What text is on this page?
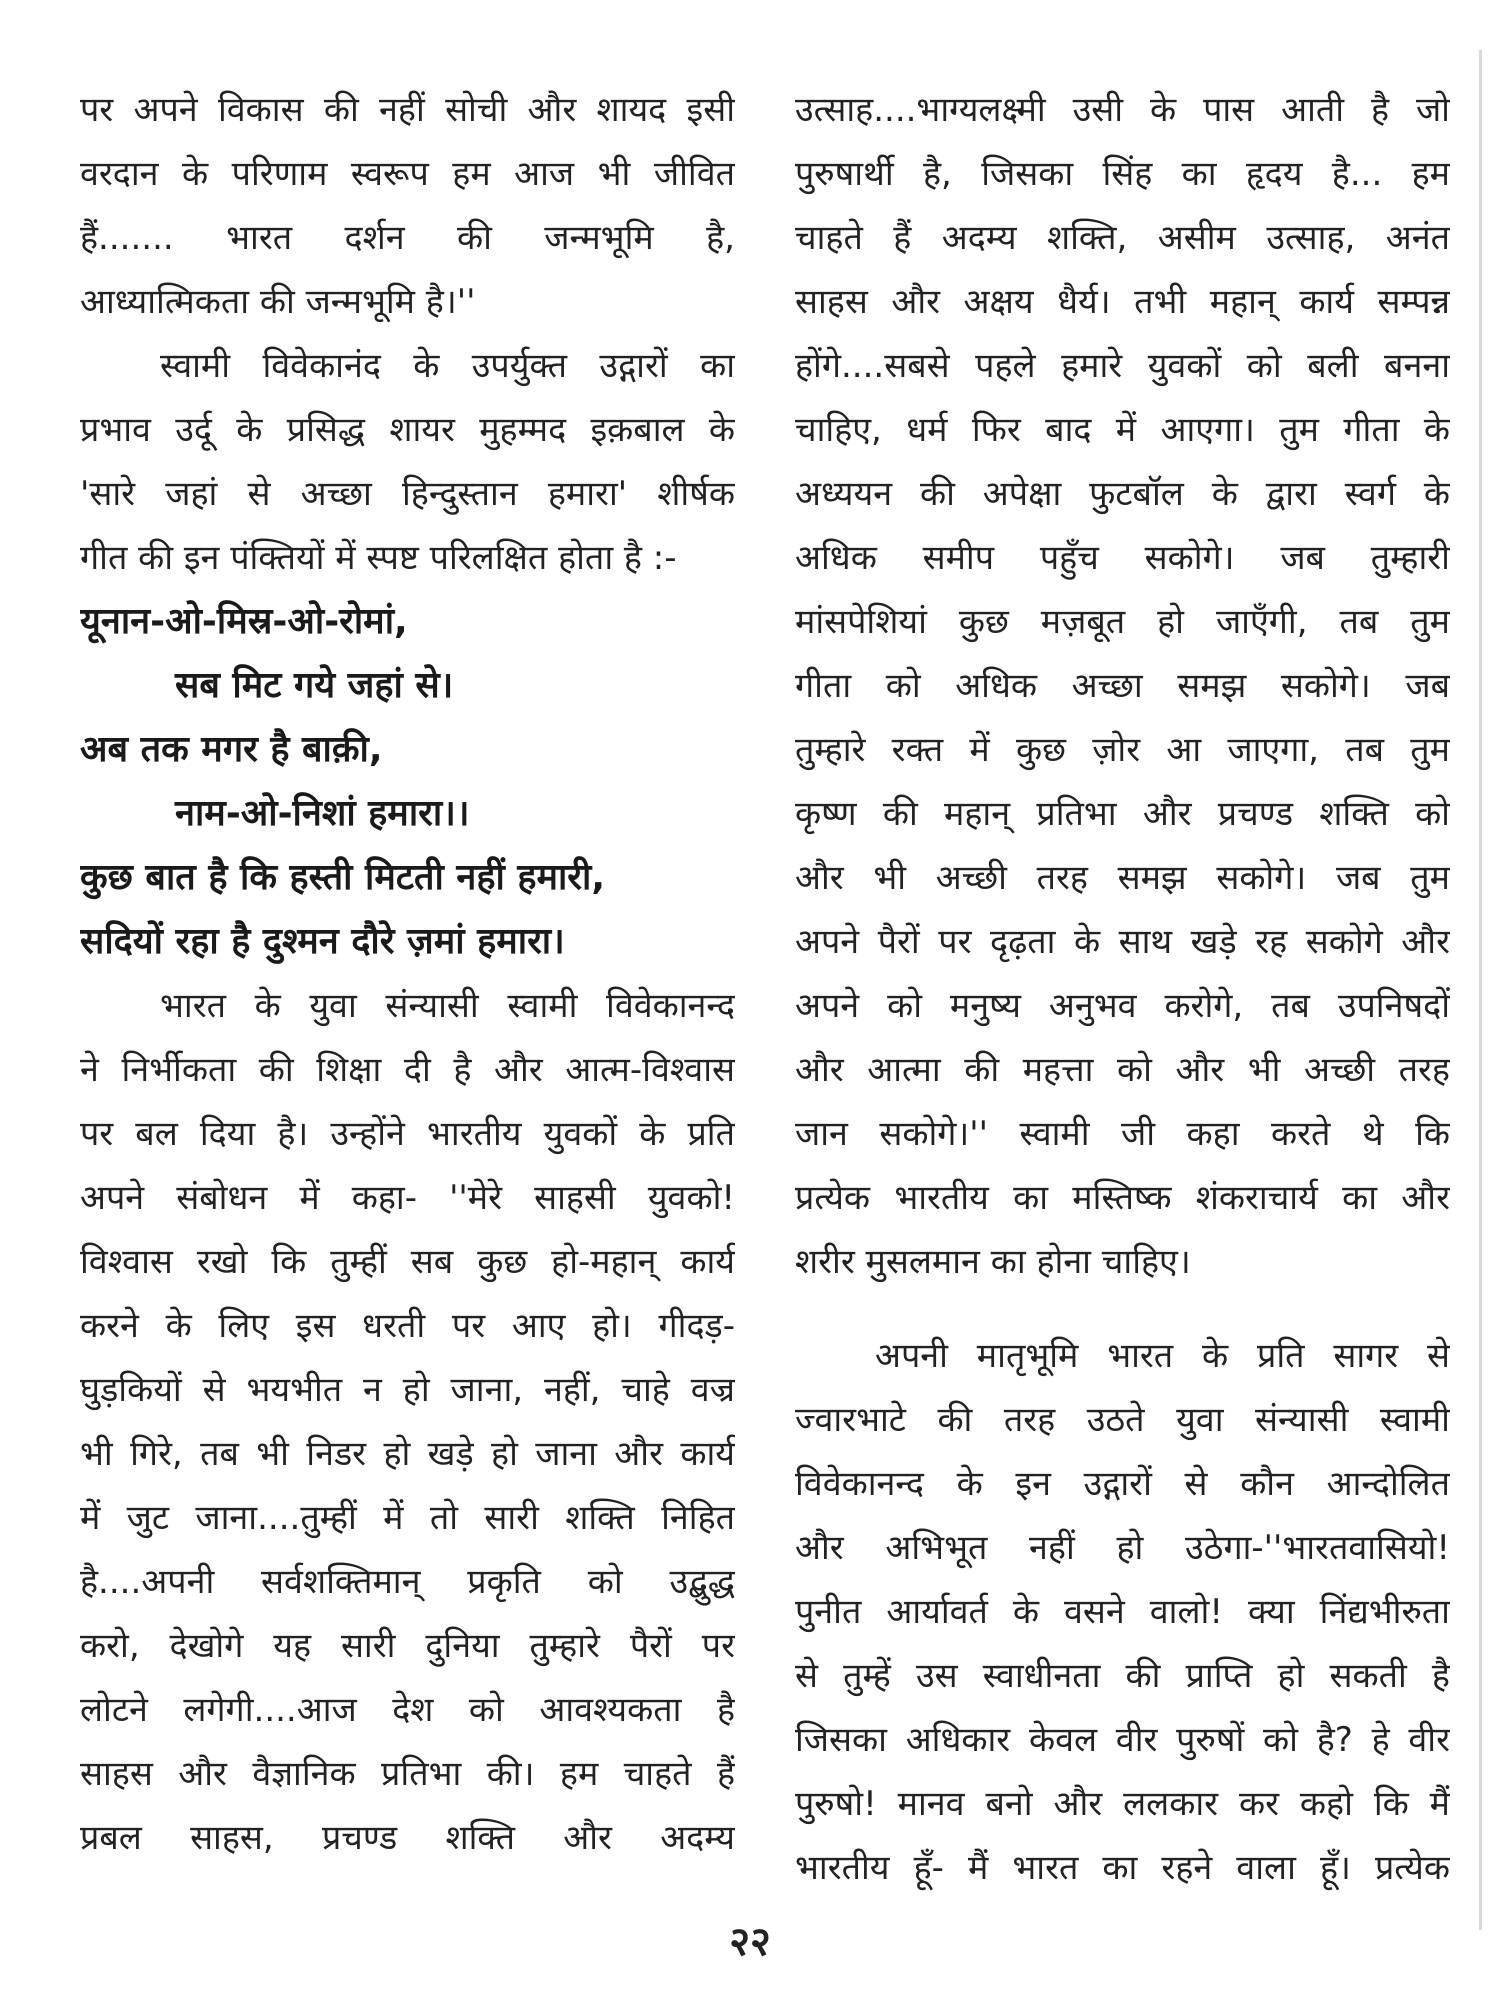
पर अपने विकास की नहीं सोची और शायद इसी
वरदान के परिणाम स्वरूप हम आज भी जीवित
हैं....... भारत दर्शन की जन्मभूमि है,
आध्यात्मिकता की जन्मभूमि है।''
स्वामी विवेकानंद के उपर्युक्त उद्गारों का
प्रभाव उर्दू के प्रसिद्ध शायर मुहम्मद इक़बाल के
'सारे जहां से अच्छा हिन्दुस्तान हमारा' शीर्षक
गीत की इन पंक्तियों में स्पष्ट परिलक्षित होता है :-
यूनान-ओ-मिस्र-ओ-रोमां,
सब मिट गये जहां से।
अब तक मगर है बाक़ी,
नाम-ओ-निशां हमारा।।
कुछ बात है कि हस्ती मिटती नहीं हमारी,
सदियों रहा है दुश्मन दौरे ज़मां हमारा।
भारत के युवा संन्यासी स्वामी विवेकानन्द
ने निर्भीकता की शिक्षा दी है और आत्म-विश्वास
पर बल दिया है। उन्होंने भारतीय युवकों के प्रति
अपने संबोधन में कहा- ''मेरे साहसी युवको!
विश्वास रखो कि तुम्हीं सब कुछ हो-महान् कार्य
करने के लिए इस धरती पर आए हो। गीदड़-
घुड़कियों से भयभीत न हो जाना, नहीं, चाहे वज्र
भी गिरे, तब भी निडर हो खड़े हो जाना और कार्य
में जुट जाना....तुम्हीं में तो सारी शक्ति निहित
है....अपनी सर्वशक्तिमान् प्रकृति को उद्बुद्ध
करो, देखोगे यह सारी दुनिया तुम्हारे पैरों पर
लोटने लगेगी....आज देश को आवश्यकता है
साहस और वैज्ञानिक प्रतिभा की। हम चाहते हैं
प्रबल साहस, प्रचण्ड शक्ति और अदम्य
उत्साह....भाग्यलक्ष्मी उसी के पास आती है जो
पुरुषार्थी है, जिसका सिंह का हृदय है... हम
चाहते हैं अदम्य शक्ति, असीम उत्साह, अनंत
साहस और अक्षय धैर्य। तभी महान् कार्य सम्पन्न
होंगे....सबसे पहले हमारे युवकों को बली बनना
चाहिए, धर्म फिर बाद में आएगा। तुम गीता के
अध्ययन की अपेक्षा फुटबॉल के द्वारा स्वर्ग के
अधिक समीप पहुँच सकोगे। जब तुम्हारी
मांसपेशियां कुछ मज़बूत हो जाएँगी, तब तुम
गीता को अधिक अच्छा समझ सकोगे। जब
तुम्हारे रक्त में कुछ ज़ोर आ जाएगा, तब तुम
कृष्ण की महान् प्रतिभा और प्रचण्ड शक्ति को
और भी अच्छी तरह समझ सकोगे। जब तुम
अपने पैरों पर दृढ़ता के साथ खड़े रह सकोगे और
अपने को मनुष्य अनुभव करोगे, तब उपनिषदों
और आत्मा की महत्ता को और भी अच्छी तरह
जान सकोगे।'' स्वामी जी कहा करते थे कि
प्रत्येक भारतीय का मस्तिष्क शंकराचार्य का और
शरीर मुसलमान का होना चाहिए।
अपनी मातृभूमि भारत के प्रति सागर से
ज्वारभाटे की तरह उठते युवा संन्यासी स्वामी
विवेकानन्द के इन उद्गारों से कौन आन्दोलित
और अभिभूत नहीं हो उठेगा-''भारतवासियो!
पुनीत आर्यावर्त के वसने वालो! क्या निंद्यभीरुता
से तुम्हें उस स्वाधीनता की प्राप्ति हो सकती है
जिसका अधिकार केवल वीर पुरुषों को है? हे वीर
पुरुषो! मानव बनो और ललकार कर कहो कि मैं
भारतीय हूँ- मैं भारत का रहने वाला हूँ। प्रत्येक
२२
